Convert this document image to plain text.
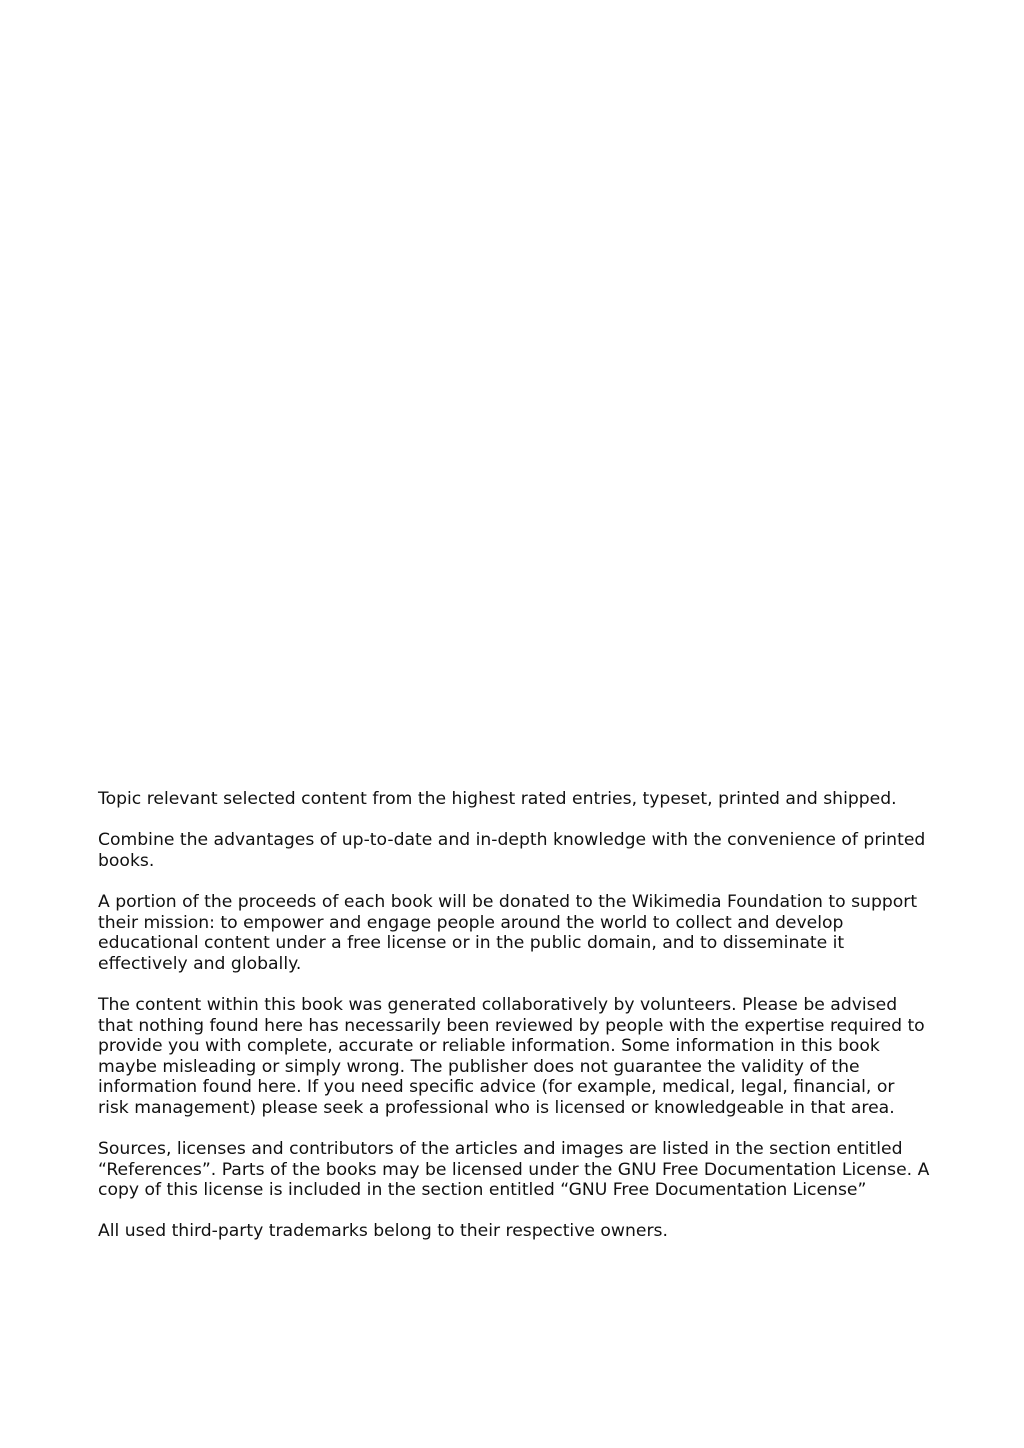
Topic relevant selected content from the highest rated entries, typeset, printed and shipped.

Combine the advantages of up-to-date and in-depth knowledge with the convenience of printed books.

A portion of the proceeds of each book will be donated to the Wikimedia Foundation to support their mission: to empower and engage people around the world to collect and develop educational content under a free license or in the public domain, and to disseminate it effectively and globally.

The content within this book was generated collaboratively by volunteers. Please be advised that nothing found here has necessarily been reviewed by people with the expertise required to provide you with complete, accurate or reliable information. Some information in this book maybe misleading or simply wrong. The publisher does not guarantee the validity of the information found here. If you need specific advice (for example, medical, legal, financial, or risk management) please seek a professional who is licensed or knowledgeable in that area.

Sources, licenses and contributors of the articles and images are listed in the section entitled “References”. Parts of the books may be licensed under the GNU Free Documentation License. A copy of this license is included in the section entitled “GNU Free Documentation License”

All used third-party trademarks belong to their respective owners.
